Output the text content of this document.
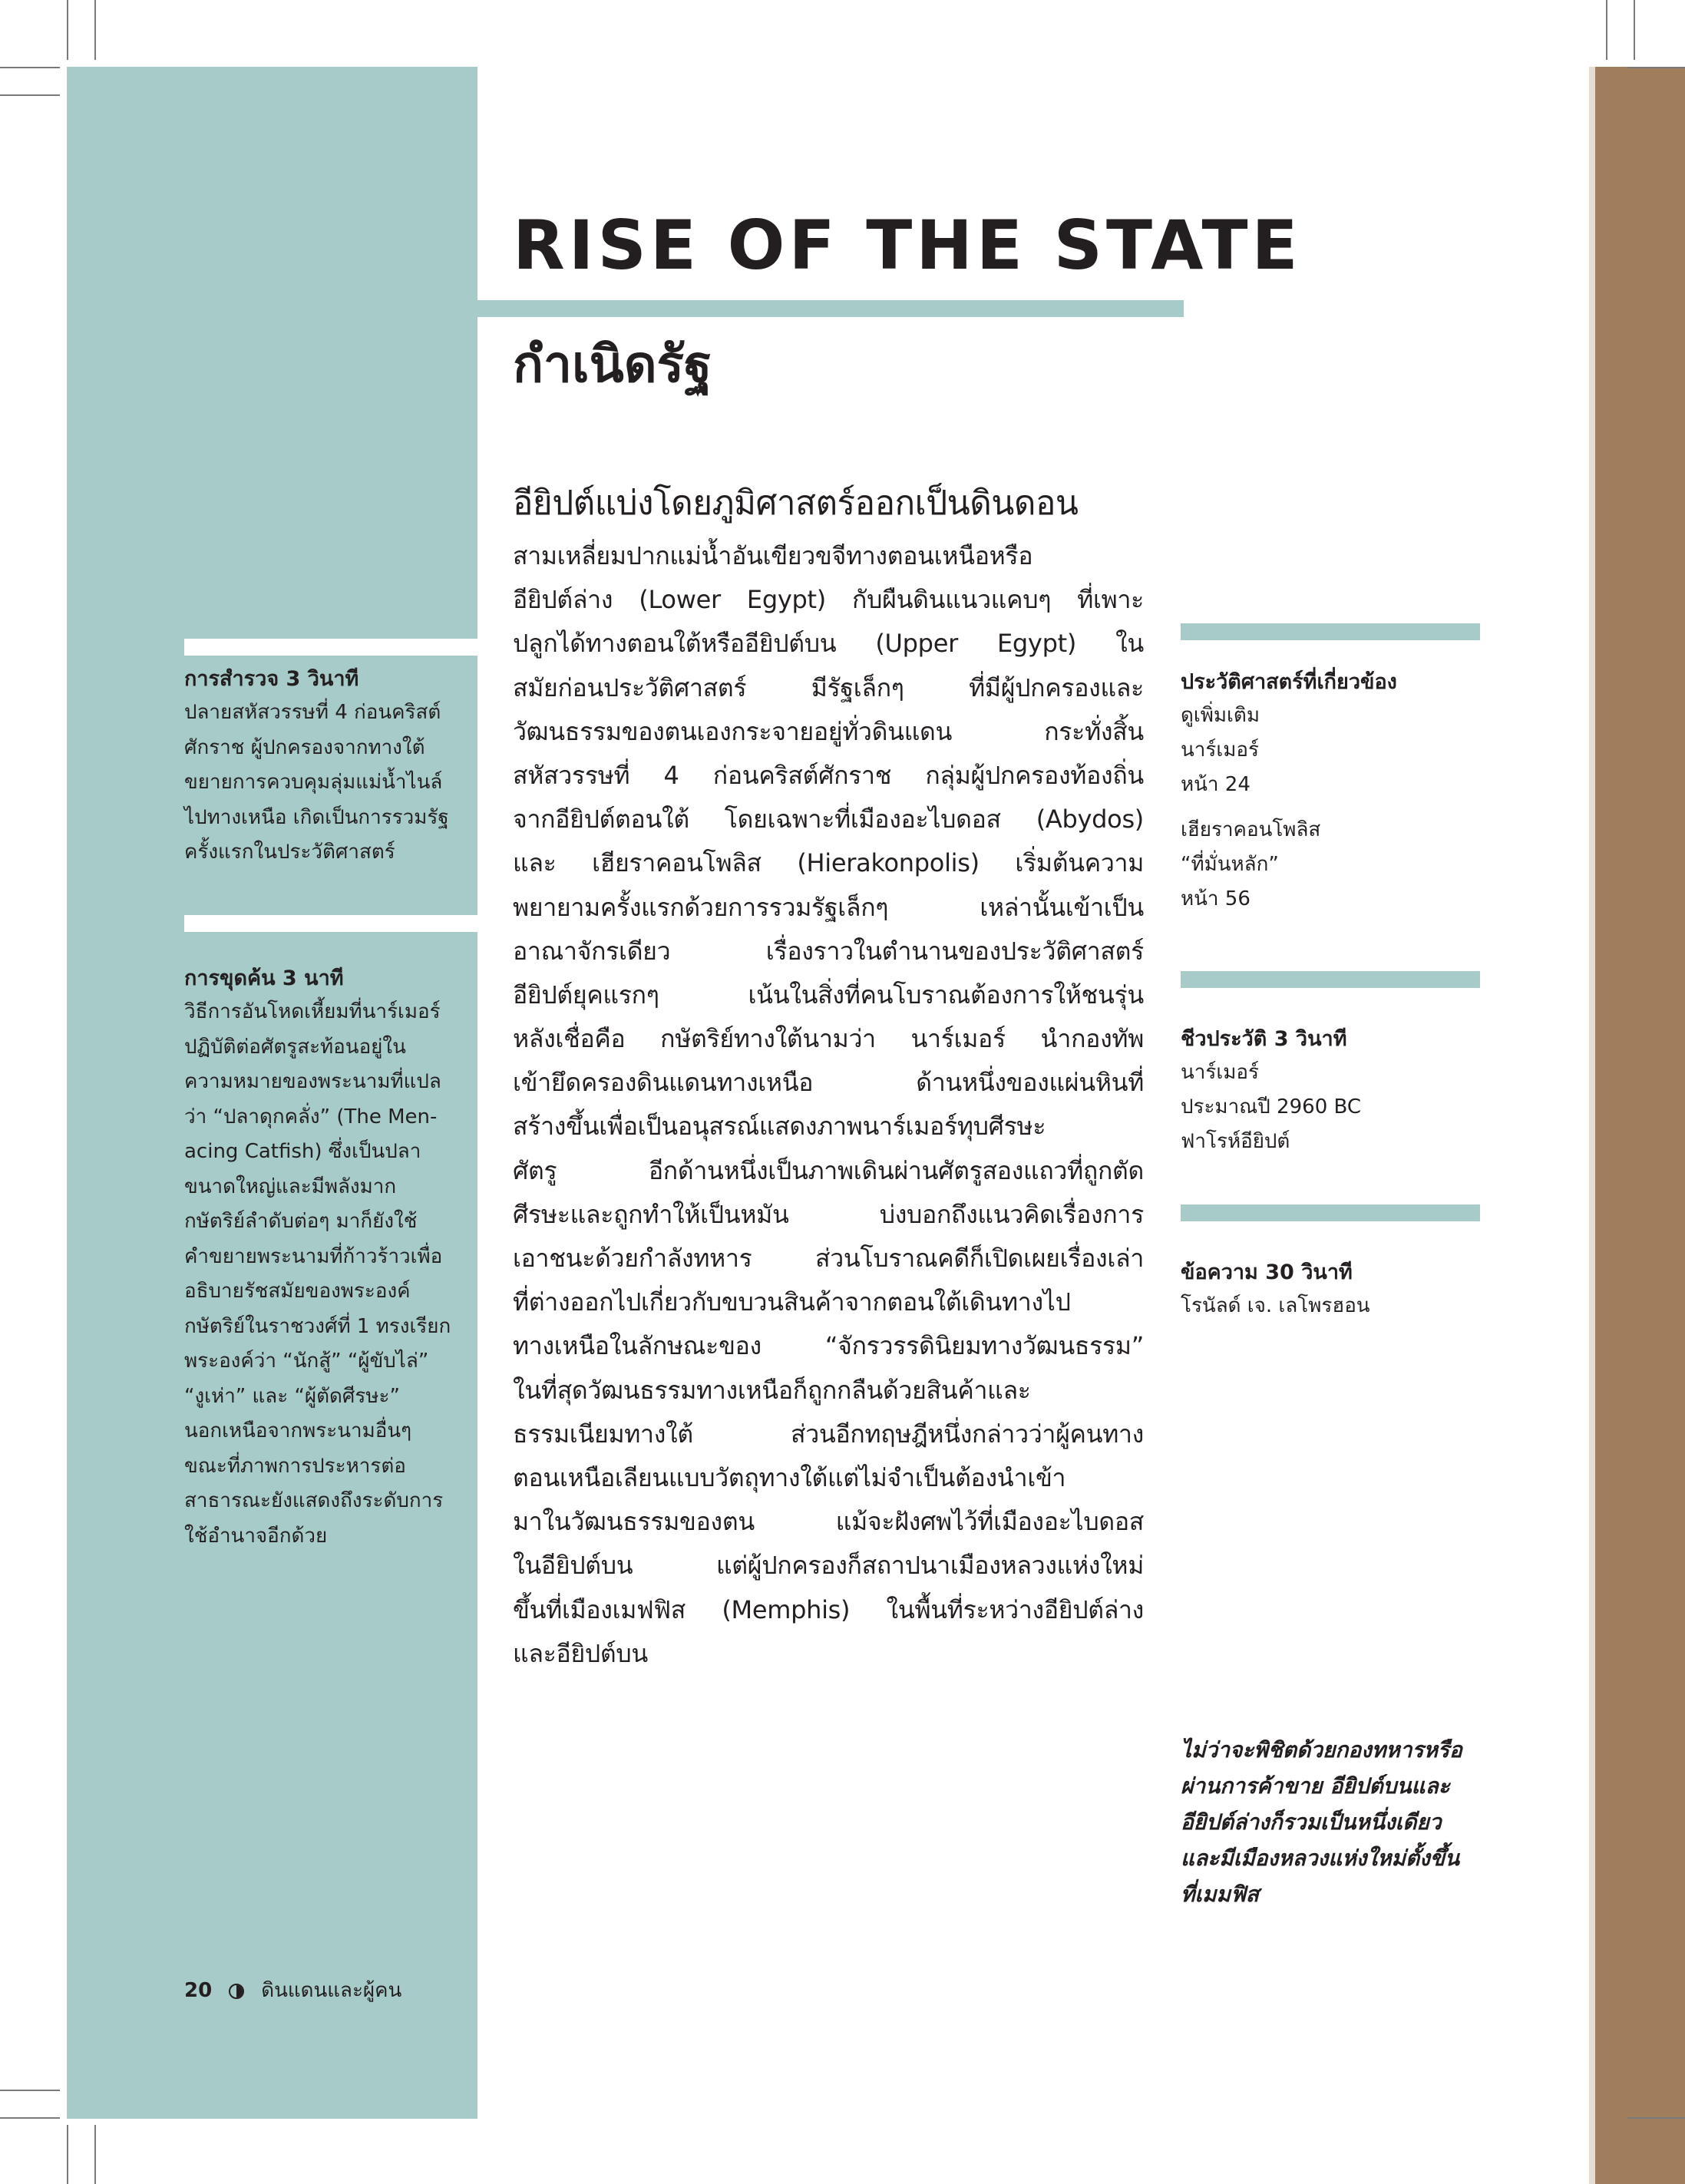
RISE OF THE STATE
กำเนิดรัฐ
อียิปต์แบ่งโดยภูมิศาสตร์ออกเป็นดินดอน
สามเหลี่ยมปากแม่น้ำอันเขียวขจีทางตอนเหนือหรือ
อียิปต์ล่าง (Lower Egypt) กับผืนดินแนวแคบๆ ที่เพาะ
ปลูกได้ทางตอนใต้หรืออียิปต์บน (Upper Egypt) ใน
สมัยก่อนประวัติศาสตร์ มีรัฐเล็กๆ ที่มีผู้ปกครองและ
วัฒนธรรมของตนเองกระจายอยู่ทั่วดินแดน กระทั่งสิ้น
สหัสวรรษที่ 4 ก่อนคริสต์ศักราช กลุ่มผู้ปกครองท้องถิ่น
จากอียิปต์ตอนใต้ โดยเฉพาะที่เมืองอะไบดอส (Abydos)
และ เฮียราคอนโพลิส (Hierakonpolis) เริ่มต้นความ
พยายามครั้งแรกด้วยการรวมรัฐเล็กๆ เหล่านั้นเข้าเป็น
อาณาจักรเดียว เรื่องราวในตำนานของประวัติศาสตร์
อียิปต์ยุคแรกๆ เน้นในสิ่งที่คนโบราณต้องการให้ชนรุ่น
หลังเชื่อคือ กษัตริย์ทางใต้นามว่า นาร์เมอร์ นำกองทัพ
เข้ายึดครองดินแดนทางเหนือ ด้านหนึ่งของแผ่นหินที่
สร้างขึ้นเพื่อเป็นอนุสรณ์แสดงภาพนาร์เมอร์ทุบศีรษะ
ศัตรู อีกด้านหนึ่งเป็นภาพเดินผ่านศัตรูสองแถวที่ถูกตัด
ศีรษะและถูกทำให้เป็นหมัน บ่งบอกถึงแนวคิดเรื่องการ
เอาชนะด้วยกำลังทหาร ส่วนโบราณคดีก็เปิดเผยเรื่องเล่า
ที่ต่างออกไปเกี่ยวกับขบวนสินค้าจากตอนใต้เดินทางไป
ทางเหนือในลักษณะของ “จักรวรรดินิยมทางวัฒนธรรม”
ในที่สุดวัฒนธรรมทางเหนือก็ถูกกลืนด้วยสินค้าและ
ธรรมเนียมทางใต้ ส่วนอีกทฤษฎีหนึ่งกล่าวว่าผู้คนทาง
ตอนเหนือเลียนแบบวัตถุทางใต้แต่ไม่จำเป็นต้องนำเข้า
มาในวัฒนธรรมของตน แม้จะฝังศพไว้ที่เมืองอะไบดอส
ในอียิปต์บน แต่ผู้ปกครองก็สถาปนาเมืองหลวงแห่งใหม่
ขึ้นที่เมืองเมฟฟิส (Memphis) ในพื้นที่ระหว่างอียิปต์ล่าง
และอียิปต์บน
การสำรวจ 3 วินาที
ปลายสหัสวรรษที่ 4 ก่อนคริสต์
ศักราช ผู้ปกครองจากทางใต้
ขยายการควบคุมลุ่มแม่น้ำไนล์
ไปทางเหนือ เกิดเป็นการรวมรัฐ
ครั้งแรกในประวัติศาสตร์
การขุดค้น 3 นาที
วิธีการอันโหดเหี้ยมที่นาร์เมอร์
ปฏิบัติต่อศัตรูสะท้อนอยู่ใน
ความหมายของพระนามที่แปล
ว่า “ปลาดุกคลั่ง” (The Men-
acing Catfish) ซึ่งเป็นปลา
ขนาดใหญ่และมีพลังมาก
กษัตริย์ลำดับต่อๆ มาก็ยังใช้
คำขยายพระนามที่ก้าวร้าวเพื่อ
อธิบายรัชสมัยของพระองค์
กษัตริย์ในราชวงศ์ที่ 1 ทรงเรียก
พระองค์ว่า “นักสู้” “ผู้ขับไล่”
“งูเห่า” และ “ผู้ตัดศีรษะ”
นอกเหนือจากพระนามอื่นๆ
ขณะที่ภาพการประหารต่อ
สาธารณะยังแสดงถึงระดับการ
ใช้อำนาจอีกด้วย
ประวัติศาสตร์ที่เกี่ยวข้อง
ดูเพิ่มเติม
นาร์เมอร์
หน้า 24
เฮียราคอนโพลิส
“ที่มั่นหลัก”
หน้า 56
ชีวประวัติ 3 วินาที
นาร์เมอร์
ประมาณปี 2960 BC
ฟาโรห์อียิปต์
ข้อความ 30 วินาที
โรนัลด์ เจ. เลโพรฮอน
ไม่ว่าจะพิชิตด้วยกองทหารหรือ
ผ่านการค้าขาย อียิปต์บนและ
อียิปต์ล่างก็รวมเป็นหนึ่งเดียว
และมีเมืองหลวงแห่งใหม่ตั้งขึ้น
ที่เมมฟิส
20 ดินแดนและผู้คน
